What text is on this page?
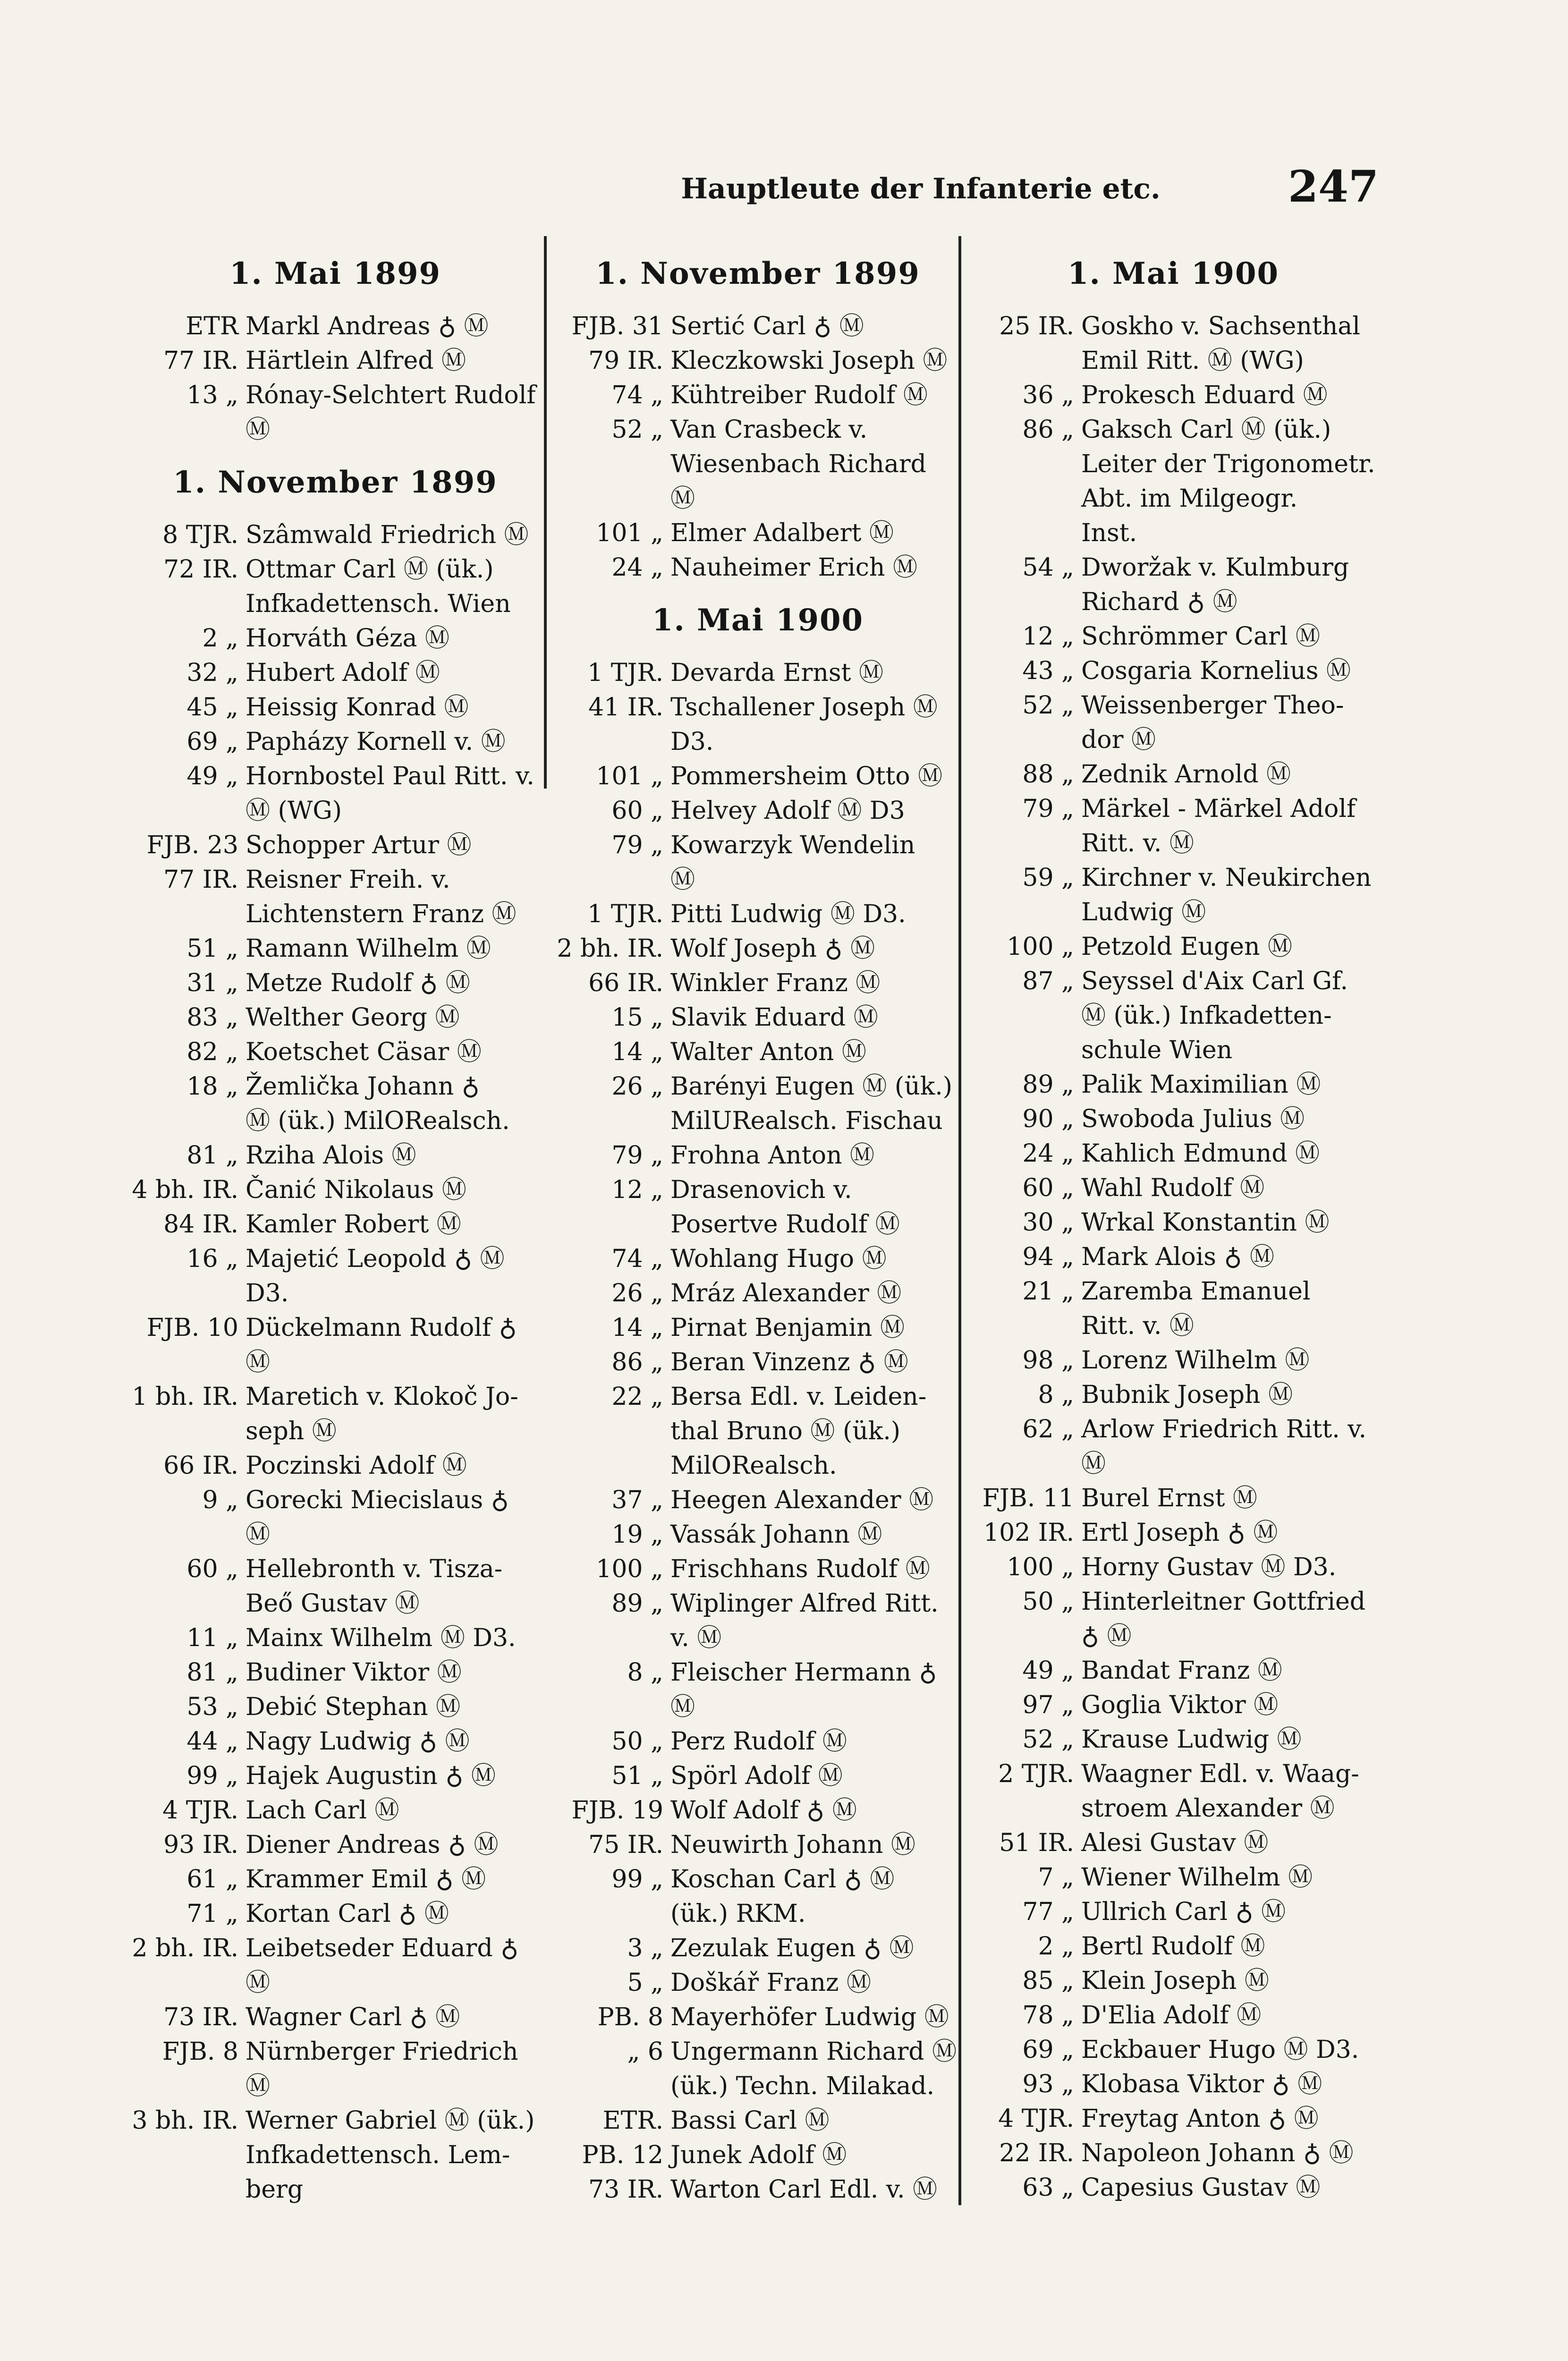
Hauptleute der Infanterie etc.	247
1. Mai 1899
ETR Markl Andreas ♁ Ⓜ
77 IR. Härtlein Alfred Ⓜ
13 „ Rónay-Selchtert Rudolf
Ⓜ
1. November 1899
8 TJR. Szâmwald Friedrich Ⓜ
72 IR. Ottmar Carl Ⓜ (ük.)
Infkadettensch. Wien
2 „ Horváth Géza Ⓜ
32 „ Hubert Adolf Ⓜ
45 „ Heissig Konrad Ⓜ
69 „ Papházy Kornell v. Ⓜ
49 „ Hornbostel Paul Ritt. v.
Ⓜ (WG)
FJB. 23 Schopper Artur Ⓜ
77 IR. Reisner Freih. v.
Lichtenstern Franz Ⓜ
51 „ Ramann Wilhelm Ⓜ
31 „ Metze Rudolf ♁ Ⓜ
83 „ Welther Georg Ⓜ
82 „ Koetschet Cäsar Ⓜ
18 „ Žemlička Johann ♁
Ⓜ (ük.) MilORealsch.
81 „ Rziha Alois Ⓜ
4 bh. IR. Čanić Nikolaus Ⓜ
84 IR. Kamler Robert Ⓜ
16 „ Majetić Leopold ♁ Ⓜ
D3.
FJB. 10 Dückelmann Rudolf ♁
Ⓜ
1 bh. IR. Maretich v. Klokoč Jo-
seph Ⓜ
66 IR. Poczinski Adolf Ⓜ
9 „ Gorecki Miecislaus ♁
Ⓜ
60 „ Hellebronth v. Tisza-
Beő Gustav Ⓜ
11 „ Mainx Wilhelm Ⓜ D3.
81 „ Budiner Viktor Ⓜ
53 „ Debić Stephan Ⓜ
44 „ Nagy Ludwig ♁ Ⓜ
99 „ Hajek Augustin ♁ Ⓜ
4 TJR. Lach Carl Ⓜ
93 IR. Diener Andreas ♁ Ⓜ
61 „ Krammer Emil ♁ Ⓜ
71 „ Kortan Carl ♁ Ⓜ
2 bh. IR. Leibetseder Eduard ♁
Ⓜ
73 IR. Wagner Carl ♁ Ⓜ
FJB. 8 Nürnberger Friedrich
Ⓜ
3 bh. IR. Werner Gabriel Ⓜ (ük.)
Infkadettensch. Lem-
berg
1. November 1899
FJB. 31 Sertić Carl ♁ Ⓜ
79 IR. Kleczkowski Joseph Ⓜ
74 „ Kühtreiber Rudolf Ⓜ
52 „ Van Crasbeck v.
Wiesenbach Richard
Ⓜ
101 „ Elmer Adalbert Ⓜ
24 „ Nauheimer Erich Ⓜ
1. Mai 1900
1 TJR. Devarda Ernst Ⓜ
41 IR. Tschallener Joseph Ⓜ
D3.
101 „ Pommersheim Otto Ⓜ
60 „ Helvey Adolf Ⓜ D3
79 „ Kowarzyk Wendelin
Ⓜ
1 TJR. Pitti Ludwig Ⓜ D3.
2 bh. IR. Wolf Joseph ♁ Ⓜ
66 IR. Winkler Franz Ⓜ
15 „ Slavik Eduard Ⓜ
14 „ Walter Anton Ⓜ
26 „ Barényi Eugen Ⓜ (ük.)
MilURealsch. Fischau
79 „ Frohna Anton Ⓜ
12 „ Drasenovich v.
Posertve Rudolf Ⓜ
74 „ Wohlang Hugo Ⓜ
26 „ Mráz Alexander Ⓜ
14 „ Pirnat Benjamin Ⓜ
86 „ Beran Vinzenz ♁ Ⓜ
22 „ Bersa Edl. v. Leiden-
thal Bruno Ⓜ (ük.)
MilORealsch.
37 „ Heegen Alexander Ⓜ
19 „ Vassák Johann Ⓜ
100 „ Frischhans Rudolf Ⓜ
89 „ Wiplinger Alfred Ritt.
v. Ⓜ
8 „ Fleischer Hermann ♁
Ⓜ
50 „ Perz Rudolf Ⓜ
51 „ Spörl Adolf Ⓜ
FJB. 19 Wolf Adolf ♁ Ⓜ
75 IR. Neuwirth Johann Ⓜ
99 „ Koschan Carl ♁ Ⓜ
(ük.) RKM.
3 „ Zezulak Eugen ♁ Ⓜ
5 „ Doškář Franz Ⓜ
PB. 8 Mayerhöfer Ludwig Ⓜ
„ 6 Ungermann Richard Ⓜ
(ük.) Techn. Milakad.
ETR. Bassi Carl Ⓜ
PB. 12 Junek Adolf Ⓜ
73 IR. Warton Carl Edl. v. Ⓜ
1. Mai 1900
25 IR. Goskho v. Sachsenthal
Emil Ritt. Ⓜ (WG)
36 „ Prokesch Eduard Ⓜ
86 „ Gaksch Carl Ⓜ (ük.)
Leiter der Trigonometr.
Abt. im Milgeogr.
Inst.
54 „ Dworžak v. Kulmburg
Richard ♁ Ⓜ
12 „ Schrömmer Carl Ⓜ
43 „ Cosgaria Kornelius Ⓜ
52 „ Weissenberger Theo-
dor Ⓜ
88 „ Zednik Arnold Ⓜ
79 „ Märkel - Märkel Adolf
Ritt. v. Ⓜ
59 „ Kirchner v. Neukirchen
Ludwig Ⓜ
100 „ Petzold Eugen Ⓜ
87 „ Seyssel d'Aix Carl Gf.
Ⓜ (ük.) Infkadetten-
schule Wien
89 „ Palik Maximilian Ⓜ
90 „ Swoboda Julius Ⓜ
24 „ Kahlich Edmund Ⓜ
60 „ Wahl Rudolf Ⓜ
30 „ Wrkal Konstantin Ⓜ
94 „ Mark Alois ♁ Ⓜ
21 „ Zaremba Emanuel
Ritt. v. Ⓜ
98 „ Lorenz Wilhelm Ⓜ
8 „ Bubnik Joseph Ⓜ
62 „ Arlow Friedrich Ritt. v.
Ⓜ
FJB. 11 Burel Ernst Ⓜ
102 IR. Ertl Joseph ♁ Ⓜ
100 „ Horny Gustav Ⓜ D3.
50 „ Hinterleitner Gottfried
♁ Ⓜ
49 „ Bandat Franz Ⓜ
97 „ Goglia Viktor Ⓜ
52 „ Krause Ludwig Ⓜ
2 TJR. Waagner Edl. v. Waag-
stroem Alexander Ⓜ
51 IR. Alesi Gustav Ⓜ
7 „ Wiener Wilhelm Ⓜ
77 „ Ullrich Carl ♁ Ⓜ
2 „ Bertl Rudolf Ⓜ
85 „ Klein Joseph Ⓜ
78 „ D'Elia Adolf Ⓜ
69 „ Eckbauer Hugo Ⓜ D3.
93 „ Klobasa Viktor ♁ Ⓜ
4 TJR. Freytag Anton ♁ Ⓜ
22 IR. Napoleon Johann ♁ Ⓜ
63 „ Capesius Gustav Ⓜ
